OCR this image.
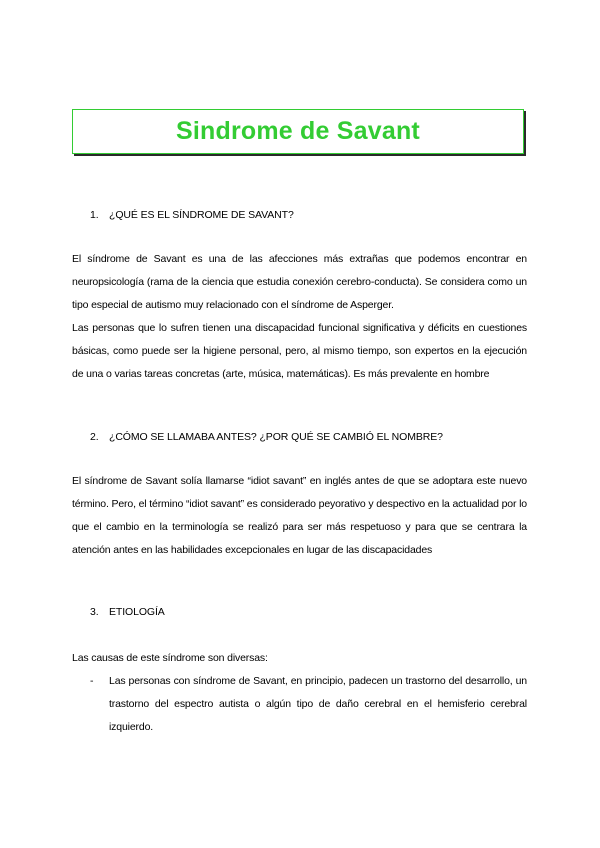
Sindrome de Savant
1. ¿QUÉ ES EL SÍNDROME DE SAVANT?

El síndrome de Savant es una de las afecciones más extrañas que podemos encontrar en neuropsicología (rama de la ciencia que estudia conexión cerebro-conducta). Se considera como un tipo especial de autismo muy relacionado con el síndrome de Asperger.

Las personas que lo sufren tienen una discapacidad funcional significativa y déficits en cuestiones básicas, como puede ser la higiene personal, pero, al mismo tiempo, son expertos en la ejecución de una o varias tareas concretas (arte, música, matemáticas). Es más prevalente en hombre

2. ¿CÓMO SE LLAMABA ANTES? ¿POR QUÉ SE CAMBIÓ EL NOMBRE?

El síndrome de Savant solía llamarse “idiot savant” en inglés antes de que se adoptara este nuevo término. Pero, el término “idiot savant” es considerado peyorativo y despectivo en la actualidad por lo que el cambio en la terminología se realizó para ser más respetuoso y para que se centrara la atención antes en las habilidades excepcionales en lugar de las discapacidades

3. ETIOLOGÍA

Las causas de este síndrome son diversas:

-	Las personas con síndrome de Savant, en principio, padecen un trastorno del desarrollo, un trastorno del espectro autista o algún tipo de daño cerebral en el hemisferio cerebral izquierdo.
